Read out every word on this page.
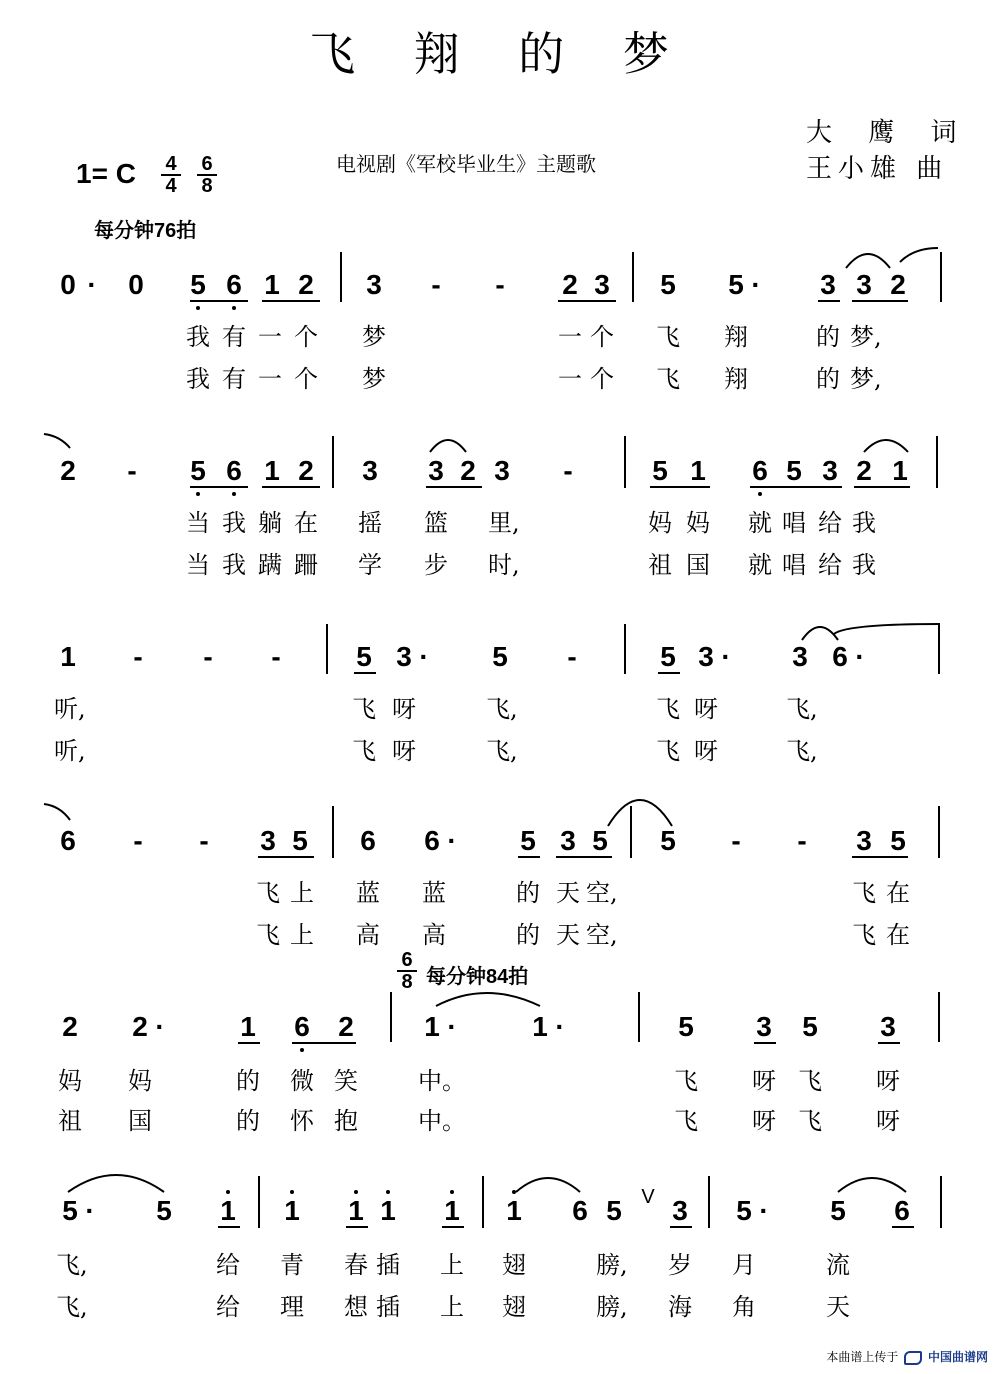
飞 翔 的 梦
大 鹰 词
王小雄 曲
电视剧《军校毕业生》主题歌
1= C 4
4
6
8
每分钟76拍
6
8 每分钟84拍
0 · 0 5 6 1 2 3 - - 2 3 5 5 · 3 3 2
我 有 一 个 梦	一 个 飞 翔	的 梦,
我 有 一 个 梦	一 个 飞 翔	的 梦,
2 - 5 6 1 2 3 3 2 3 -	5 1 6 5 3 2 1
当 我 躺 在 摇 篮 里,	妈 妈 就 唱 给 我
当 我 蹒 跚 学 步 时,	祖 国 就 唱 给 我
1 - - -	5 3 · 5 -	5 3 · 3 6 ·
听,	飞 呀	飞,	飞 呀	飞,
听,	飞 呀	飞,	飞 呀	飞,
6 - - 3 5 6 6 · 5 3 5 5 - - 3 5
飞 上 蓝 蓝	的 天 空,	飞 在
飞 上 高 高	的 天 空,	飞 在
2 2 ·	1 6 2	1 ·	1 ·	5 3 5 3
妈 妈	的 微 笑	中。	飞 呀 飞 呀
祖 国	的 怀 抱	中。	飞 呀 飞 呀
5 · 5 1 1 1 1 1 1 6 5 3 5 · 5 6
V
飞,	给 青 春 插 上 翅	膀,	岁 月	流
飞,	给 理 想 插 上 翅	膀,	海 角	天
本曲谱上传于 中国曲谱网
